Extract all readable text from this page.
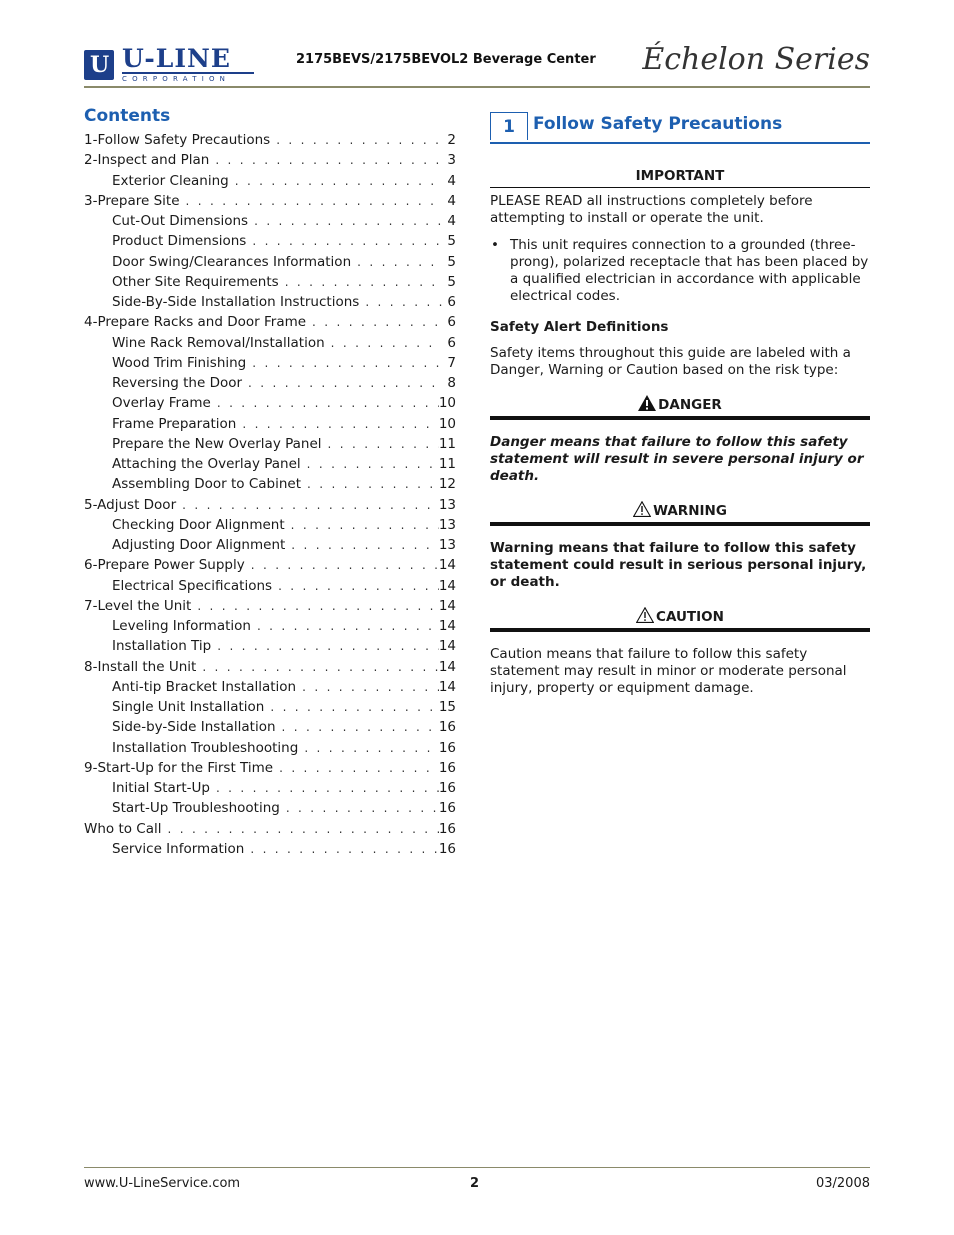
U U-LINE
CORPORATION
2175BEVS/2175BEVOL2 Beverage Center Échelon Series
Contents
1-Follow Safety Precautions . . .	2
2-Inspect and Plan . . .	3
Exterior Cleaning . . .	4
3-Prepare Site . . .	4
Cut-Out Dimensions . . .	4
Product Dimensions . . .	5
Door Swing/Clearances Information . . .	5
Other Site Requirements . . .	5
Side-By-Side Installation Instructions . . .	6
4-Prepare Racks and Door Frame . . .	6
Wine Rack Removal/Installation . . .	6
Wood Trim Finishing . . .	7
Reversing the Door . . .	8
Overlay Frame . . .	10
Frame Preparation . . .	10
Prepare the New Overlay Panel . . .	11
Attaching the Overlay Panel . . .	11
Assembling Door to Cabinet . . .	12
5-Adjust Door . . .	13
Checking Door Alignment . . .	13
Adjusting Door Alignment . . .	13
6-Prepare Power Supply . . .	14
Electrical Specifications . . .	14
7-Level the Unit . . .	14
Leveling Information . . .	14
Installation Tip . . .	14
8-Install the Unit . . .	14
Anti-tip Bracket Installation . . .	14
Single Unit Installation . . .	15
Side-by-Side Installation . . .	16
Installation Troubleshooting . . .	16
9-Start-Up for the First Time . . .	16
Initial Start-Up . . .	16
Start-Up Troubleshooting . . .	16
Who to Call . . .	16
Service Information . . .	16
1	Follow Safety Precautions
IMPORTANT

PLEASE READ all instructions completely before attempting to install or operate the unit.

• This unit requires connection to a grounded (three-prong), polarized receptacle that has been placed by a qualified electrician in accordance with applicable electrical codes.
Safety Alert Definitions

Safety items throughout this guide are labeled with a Danger, Warning or Caution based on the risk type:

DANGER
Danger means that failure to follow this safety statement will result in severe personal injury or death.
WARNING
Warning means that failure to follow this safety statement could result in serious personal injury, or death.
CAUTION
Caution means that failure to follow this safety statement may result in minor or moderate personal injury, property or equipment damage.
www.U-LineService.com	2	03/2008
